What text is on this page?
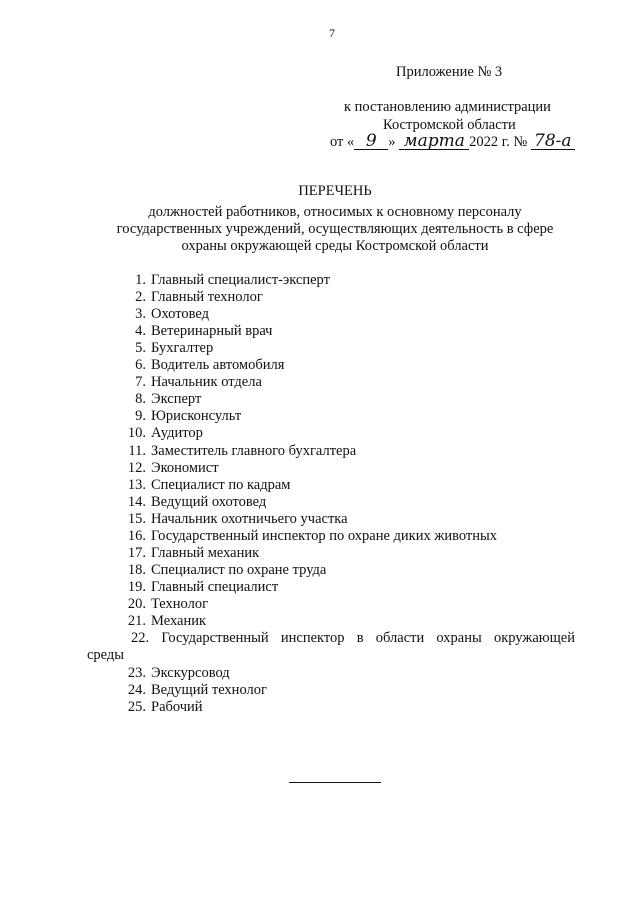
7
Приложение № 3
к постановлению администрации
Костромской области
от « 9 » марта 2022 г. № 78-а
ПЕРЕЧЕНЬ
должностей работников, относимых к основному персоналу
государственных учреждений, осуществляющих деятельность в сфере
охраны окружающей среды Костромской области
1. Главный специалист-эксперт
2. Главный технолог
3. Охотовед
4. Ветеринарный врач
5. Бухгалтер
6. Водитель автомобиля
7. Начальник отдела
8. Эксперт
9. Юрисконсульт
10. Аудитор
11. Заместитель главного бухгалтера
12. Экономист
13. Специалист по кадрам
14. Ведущий охотовед
15. Начальник охотничьего участка
16. Государственный инспектор по охране диких животных
17. Главный механик
18. Специалист по охране труда
19. Главный специалист
20. Технолог
21. Механик
22. Государственный инспектор в области охраны окружающей
среды
23. Экскурсовод
24. Ведущий технолог
25. Рабочий
